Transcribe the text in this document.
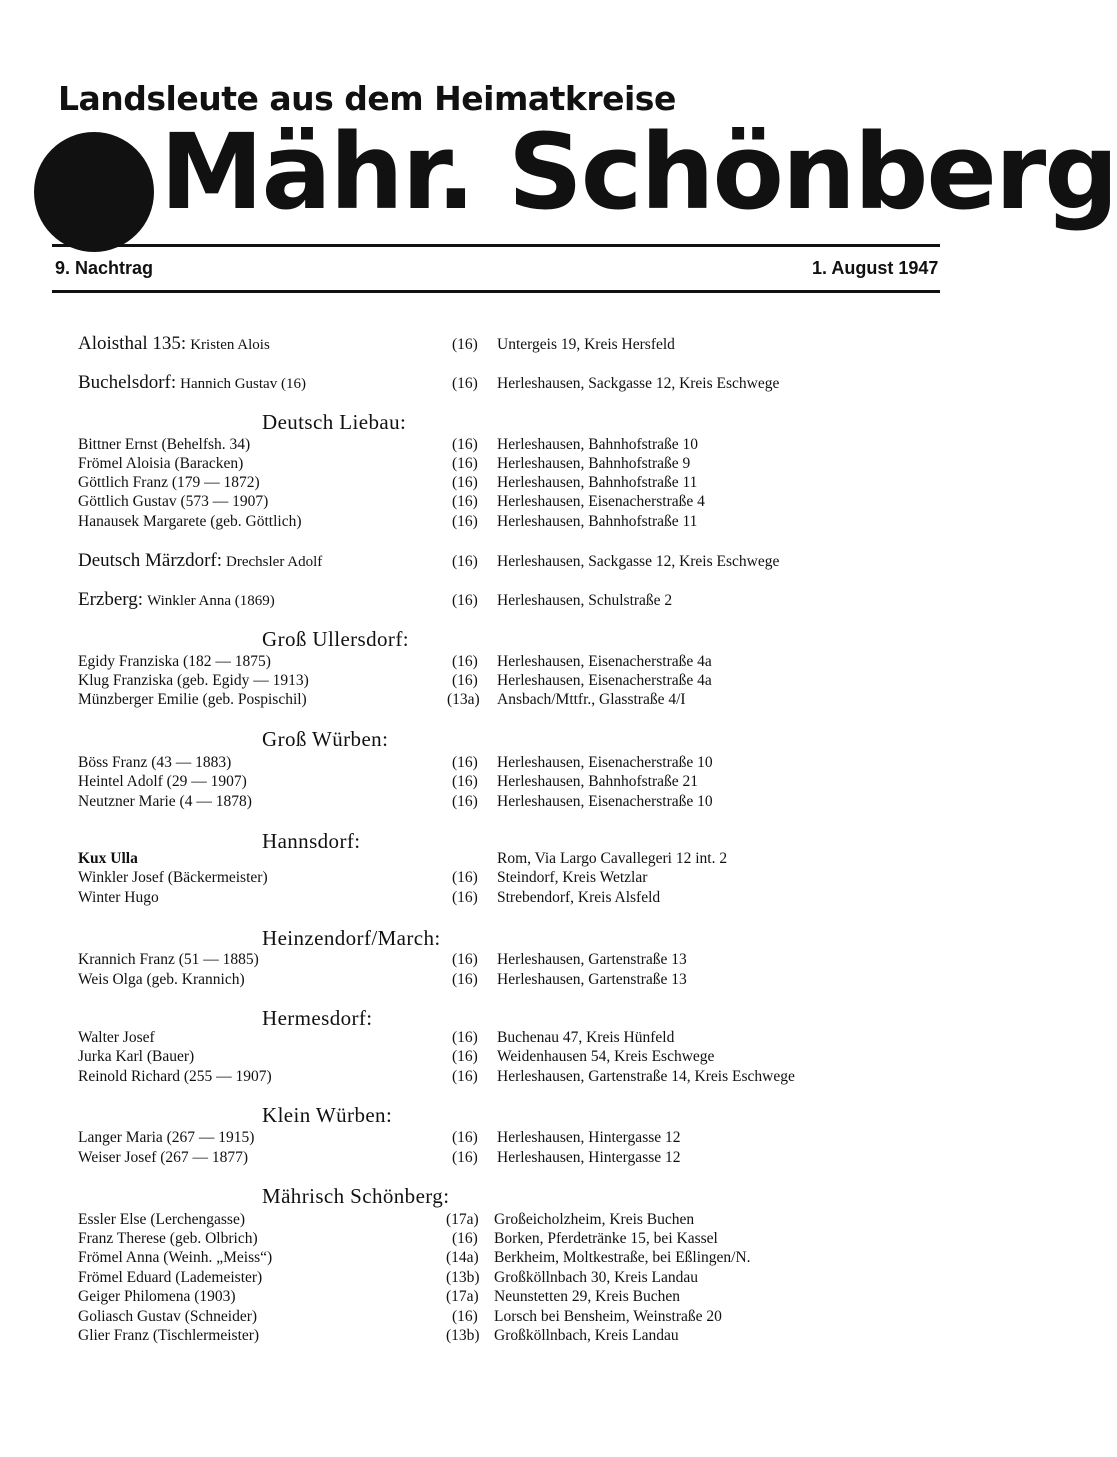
Landsleute aus dem Heimatkreise
Mähr. Schönberg
9. Nachtrag	1. August 1947
Aloisthal 135: Kristen Alois	(16) Untergeis 19, Kreis Hersfeld
Buchelsdorf: Hannich Gustav (16)	(16) Herleshausen, Sackgasse 12, Kreis Eschwege
Deutsch Liebau:
Bittner Ernst (Behelfsh. 34)	(16) Herleshausen, Bahnhofstraße 10
Frömel Aloisia (Baracken)	(16) Herleshausen, Bahnhofstraße 9
Göttlich Franz (179 — 1872)	(16) Herleshausen, Bahnhofstraße 11
Göttlich Gustav (573 — 1907)	(16) Herleshausen, Eisenacherstraße 4
Hanausek Margarete (geb. Göttlich)	(16) Herleshausen, Bahnhofstraße 11
Deutsch Märzdorf: Drechsler Adolf	(16) Herleshausen, Sackgasse 12, Kreis Eschwege
Erzberg: Winkler Anna (1869)	(16) Herleshausen, Schulstraße 2
Groß Ullersdorf:
Egidy Franziska (182 — 1875)	(16) Herleshausen, Eisenacherstraße 4a
Klug Franziska (geb. Egidy — 1913)	(16) Herleshausen, Eisenacherstraße 4a
Münzberger Emilie (geb. Pospischil)	(13a) Ansbach/Mttfr., Glasstraße 4/I
Groß Würben:
Böss Franz (43 — 1883)	(16) Herleshausen, Eisenacherstraße 10
Heintel Adolf (29 — 1907)	(16) Herleshausen, Bahnhofstraße 21
Neutzner Marie (4 — 1878)	(16) Herleshausen, Eisenacherstraße 10
Hannsdorf:
Kux Ulla	Rom, Via Largo Cavallegeri 12 int. 2
Winkler Josef (Bäckermeister)	(16) Steindorf, Kreis Wetzlar
Winter Hugo	(16) Strebendorf, Kreis Alsfeld
Heinzendorf/March:
Krannich Franz (51 — 1885)	(16) Herleshausen, Gartenstraße 13
Weis Olga (geb. Krannich)	(16) Herleshausen, Gartenstraße 13
Hermesdorf:
Walter Josef	(16) Buchenau 47, Kreis Hünfeld
Jurka Karl (Bauer)	(16) Weidenhausen 54, Kreis Eschwege
Reinold Richard (255 — 1907)	(16) Herleshausen, Gartenstraße 14, Kreis Eschwege
Klein Würben:
Langer Maria (267 — 1915)	(16) Herleshausen, Hintergasse 12
Weiser Josef (267 — 1877)	(16) Herleshausen, Hintergasse 12
Mährisch Schönberg:
Essler Else (Lerchengasse)	(17a) Großeicholzheim, Kreis Buchen
Franz Therese (geb. Olbrich)	(16) Borken, Pferdetränke 15, bei Kassel
Frömel Anna (Weinh. „Meiss“)	(14a) Berkheim, Moltkestraße, bei Eßlingen/N.
Frömel Eduard (Lademeister)	(13b) Großköllnbach 30, Kreis Landau
Geiger Philomena (1903)	(17a) Neunstetten 29, Kreis Buchen
Goliasch Gustav (Schneider)	(16) Lorsch bei Bensheim, Weinstraße 20
Glier Franz (Tischlermeister)	(13b) Großköllnbach, Kreis Landau
